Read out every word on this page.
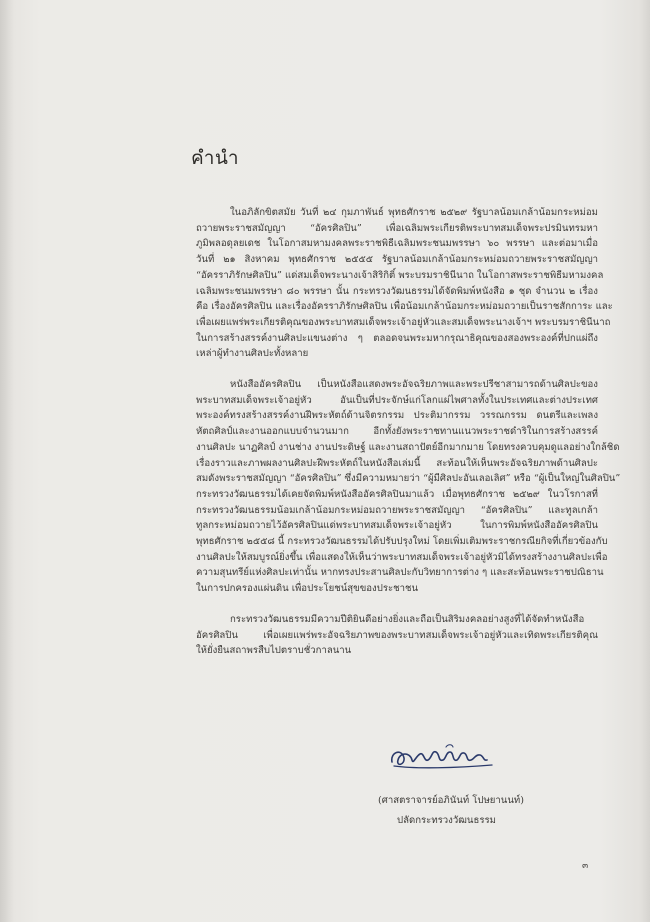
คำนำ

ในอภิลักขิตสมัย วันที่ ๒๔ กุมภาพันธ์ พุทธศักราช ๒๕๒๙ รัฐบาลน้อมเกล้าน้อมกระหม่อม
ถวายพระราชสมัญญา “อัครศิลปิน” เพื่อเฉลิมพระเกียรติพระบาทสมเด็จพระปรมินทรมหา
ภูมิพลอดุลยเดช ในโอกาสมหามงคลพระราชพิธีเฉลิมพระชนมพรรษา ๖๐ พรรษา และต่อมาเมื่อ
วันที่ ๒๑ สิงหาคม พุทธศักราช ๒๕๕๕ รัฐบาลน้อมเกล้าน้อมกระหม่อมถวายพระราชสมัญญา
“อัครราภิรักษศิลปิน” แด่สมเด็จพระนางเจ้าสิริกิติ์ พระบรมราชินีนาถ ในโอกาสพระราชพิธีมหามงคล
เฉลิมพระชนมพรรษา ๘๐ พรรษา นั้น กระทรวงวัฒนธรรมได้จัดพิมพ์หนังสือ ๑ ชุด จำนวน ๒ เรื่อง
คือ เรื่องอัครศิลปิน และเรื่องอัครราภิรักษศิลปิน เพื่อน้อมเกล้าน้อมกระหม่อมถวายเป็นราชสักการะ และ
เพื่อเผยแพร่พระเกียรติคุณของพระบาทสมเด็จพระเจ้าอยู่หัวและสมเด็จพระนางเจ้าฯ พระบรมราชินีนาถ
ในการสร้างสรรค์งานศิลปะแขนงต่าง ๆ ตลอดจนพระมหากรุณาธิคุณของสองพระองค์ที่ปกแผ่ถึง
เหล่าผู้ทำงานศิลปะทั้งหลาย

หนังสืออัครศิลปิน เป็นหนังสือแสดงพระอัจฉริยภาพและพระปรีชาสามารถด้านศิลปะของ
พระบาทสมเด็จพระเจ้าอยู่หัว อันเป็นที่ประจักษ์แก่โลกแผ่ไพศาลทั้งในประเทศและต่างประเทศ
พระองค์ทรงสร้างสรรค์งานฝีพระหัตถ์ด้านจิตรกรรม ประติมากรรม วรรณกรรม ดนตรีและเพลง
หัตถศิลป์และงานออกแบบจำนวนมาก อีกทั้งยังพระราชทานแนวพระราชดำริในการสร้างสรรค์
งานศิลปะ นาฏศิลป์ งานช่าง งานประดิษฐ์ และงานสถาปัตย์อีกมากมาย โดยทรงควบคุมดูแลอย่างใกล้ชิด
เรื่องราวและภาพผลงานศิลปะฝีพระหัตถ์ในหนังสือเล่มนี้ สะท้อนให้เห็นพระอัจฉริยภาพด้านศิลปะ
สมดังพระราชสมัญญา “อัครศิลปิน” ซึ่งมีความหมายว่า “ผู้มีศิลปะอันเลอเลิศ” หรือ “ผู้เป็นใหญ่ในศิลปิน”
กระทรวงวัฒนธรรมได้เคยจัดพิมพ์หนังสืออัครศิลปินมาแล้ว เมื่อพุทธศักราช ๒๕๒๙ ในวโรกาสที่
กระทรวงวัฒนธรรมน้อมเกล้าน้อมกระหม่อมถวายพระราชสมัญญา “อัครศิลปิน” และทูลเกล้า
ทูลกระหม่อมถวายไว้อัครศิลปินแด่พระบาทสมเด็จพระเจ้าอยู่หัว ในการพิมพ์หนังสืออัครศิลปิน
พุทธศักราช ๒๕๕๘ นี้ กระทรวงวัฒนธรรมได้ปรับปรุงใหม่ โดยเพิ่มเติมพระราชกรณียกิจที่เกี่ยวข้องกับ
งานศิลปะให้สมบูรณ์ยิ่งขึ้น เพื่อแสดงให้เห็นว่าพระบาทสมเด็จพระเจ้าอยู่หัวมิได้ทรงสร้างงานศิลปะเพื่อ
ความสุนทรีย์แห่งศิลปะเท่านั้น หากทรงประสานศิลปะกับวิทยาการต่าง ๆ และสะท้อนพระราชปณิธาน
ในการปกครองแผ่นดิน เพื่อประโยชน์สุขของประชาชน

กระทรวงวัฒนธรรมมีความปีติยินดีอย่างยิ่งและถือเป็นสิริมงคลอย่างสูงที่ได้จัดทำหนังสือ
อัครศิลปิน เพื่อเผยแพร่พระอัจฉริยภาพของพระบาทสมเด็จพระเจ้าอยู่หัวและเทิดพระเกียรติคุณ
ให้ยั่งยืนสถาพรสืบไปตราบชั่วกาลนาน

(ศาสตราจารย์อภินันท์ โปษยานนท์)
ปลัดกระทรวงวัฒนธรรม
๓
